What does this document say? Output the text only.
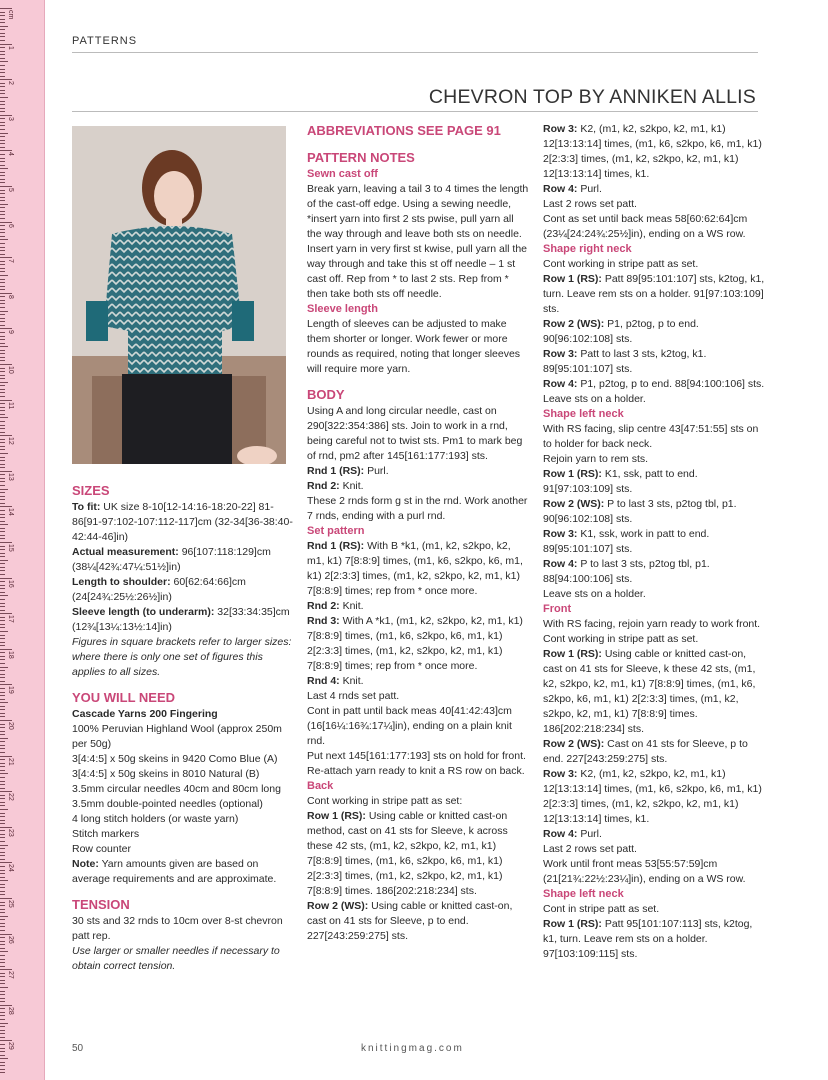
cm
1
2
3
4
5
6
7
8
9
10
11
12
13
14
15
16
17
18
19
20
21
22
23
24
25
26
27
28
29
PATTERNS
CHEVRON TOP BY ANNIKEN ALLIS
SIZES

To fit: UK size 8-10[12-14:16-18:20-22] 81-86[91-97:102-107:112-117]cm (32-34[36-38:40-42:44-46]in)

Actual measurement: 96[107:118:129]cm (38¼[42¾:47¼:51½]in)

Length to shoulder: 60[62:64:66]cm (24[24¾:25½:26½]in)

Sleeve length (to underarm): 32[33:34:35]cm (12¾[13¼:13½:14]in)

Figures in square brackets refer to larger sizes: where there is only one set of figures this applies to all sizes.

YOU WILL NEED

Cascade Yarns 200 Fingering

100% Peruvian Highland Wool (approx 250m per 50g)

3[4:4:5] x 50g skeins in 9420 Como Blue (A)

3[4:4:5] x 50g skeins in 8010 Natural (B)

3.5mm circular needles 40cm and 80cm long

3.5mm double-pointed needles (optional)

4 long stitch holders (or waste yarn)

Stitch markers

Row counter

Note: Yarn amounts given are based on average requirements and are approximate.

TENSION

30 sts and 32 rnds to 10cm over 8-st chevron patt rep.

Use larger or smaller needles if necessary to obtain correct tension.

ABBREVIATIONS SEE PAGE 91
PATTERN NOTES
Sewn cast off

Break yarn, leaving a tail 3 to 4 times the length of the cast-off edge. Using a sewing needle, *insert yarn into first 2 sts pwise, pull yarn all the way through and leave both sts on needle. Insert yarn in very first st kwise, pull yarn all the way through and take this st off needle – 1 st cast off. Rep from * to last 2 sts. Rep from * then take both sts off needle.

Sleeve length

Length of sleeves can be adjusted to make them shorter or longer. Work fewer or more rounds as required, noting that longer sleeves will require more yarn.

BODY

Using A and long circular needle, cast on 290[322:354:386] sts. Join to work in a rnd, being careful not to twist sts. Pm1 to mark beg of rnd, pm2 after 145[161:177:193] sts.

Rnd 1 (RS): Purl.

Rnd 2: Knit.

These 2 rnds form g st in the rnd. Work another 7 rnds, ending with a purl rnd.

Set pattern

Rnd 1 (RS): With B *k1, (m1, k2, s2kpo, k2, m1, k1) 7[8:8:9] times, (m1, k6, s2kpo, k6, m1, k1) 2[2:3:3] times, (m1, k2, s2kpo, k2, m1, k1) 7[8:8:9] times; rep from * once more.

Rnd 2: Knit.

Rnd 3: With A *k1, (m1, k2, s2kpo, k2, m1, k1) 7[8:8:9] times, (m1, k6, s2kpo, k6, m1, k1) 2[2:3:3] times, (m1, k2, s2kpo, k2, m1, k1) 7[8:8:9] times; rep from * once more.

Rnd 4: Knit.

Last 4 rnds set patt.

Cont in patt until back meas 40[41:42:43]cm (16[16¼:16¾:17¼]in), ending on a plain knit rnd.

Put next 145[161:177:193] sts on hold for front. Re-attach yarn ready to knit a RS row on back.

Back

Cont working in stripe patt as set:

Row 1 (RS): Using cable or knitted cast-on method, cast on 41 sts for Sleeve, k across these 42 sts, (m1, k2, s2kpo, k2, m1, k1) 7[8:8:9] times, (m1, k6, s2kpo, k6, m1, k1) 2[2:3:3] times, (m1, k2, s2kpo, k2, m1, k1) 7[8:8:9] times. 186[202:218:234] sts.

Row 2 (WS): Using cable or knitted cast-on, cast on 41 sts for Sleeve, p to end. 227[243:259:275] sts.

Row 3: K2, (m1, k2, s2kpo, k2, m1, k1) 12[13:13:14] times, (m1, k6, s2kpo, k6, m1, k1) 2[2:3:3] times, (m1, k2, s2kpo, k2, m1, k1) 12[13:13:14] times, k1.

Row 4: Purl.

Last 2 rows set patt.

Cont as set until back meas 58[60:62:64]cm (23¼[24:24¾:25½]in), ending on a WS row.

Shape right neck

Cont working in stripe patt as set.

Row 1 (RS): Patt 89[95:101:107] sts, k2tog, k1, turn. Leave rem sts on a holder. 91[97:103:109] sts.

Row 2 (WS): P1, p2tog, p to end. 90[96:102:108] sts.

Row 3: Patt to last 3 sts, k2tog, k1. 89[95:101:107] sts.

Row 4: P1, p2tog, p to end. 88[94:100:106] sts.

Leave sts on a holder.

Shape left neck

With RS facing, slip centre 43[47:51:55] sts on to holder for back neck.

Rejoin yarn to rem sts.

Row 1 (RS): K1, ssk, patt to end. 91[97:103:109] sts.

Row 2 (WS): P to last 3 sts, p2tog tbl, p1. 90[96:102:108] sts.

Row 3: K1, ssk, work in patt to end. 89[95:101:107] sts.

Row 4: P to last 3 sts, p2tog tbl, p1. 88[94:100:106] sts.

Leave sts on a holder.

Front

With RS facing, rejoin yarn ready to work front.

Cont working in stripe patt as set.

Row 1 (RS): Using cable or knitted cast-on, cast on 41 sts for Sleeve, k these 42 sts, (m1, k2, s2kpo, k2, m1, k1) 7[8:8:9] times, (m1, k6, s2kpo, k6, m1, k1) 2[2:3:3] times, (m1, k2, s2kpo, k2, m1, k1) 7[8:8:9] times. 186[202:218:234] sts.

Row 2 (WS): Cast on 41 sts for Sleeve, p to end. 227[243:259:275] sts.

Row 3: K2, (m1, k2, s2kpo, k2, m1, k1) 12[13:13:14] times, (m1, k6, s2kpo, k6, m1, k1) 2[2:3:3] times, (m1, k2, s2kpo, k2, m1, k1) 12[13:13:14] times, k1.

Row 4: Purl.

Last 2 rows set patt.

Work until front meas 53[55:57:59]cm (21[21¾:22½:23¼]in), ending on a WS row.

Shape left neck

Cont in stripe patt as set.

Row 1 (RS): Patt 95[101:107:113] sts, k2tog, k1, turn. Leave rem sts on a holder. 97[103:109:115] sts.

50	knittingmag.com
